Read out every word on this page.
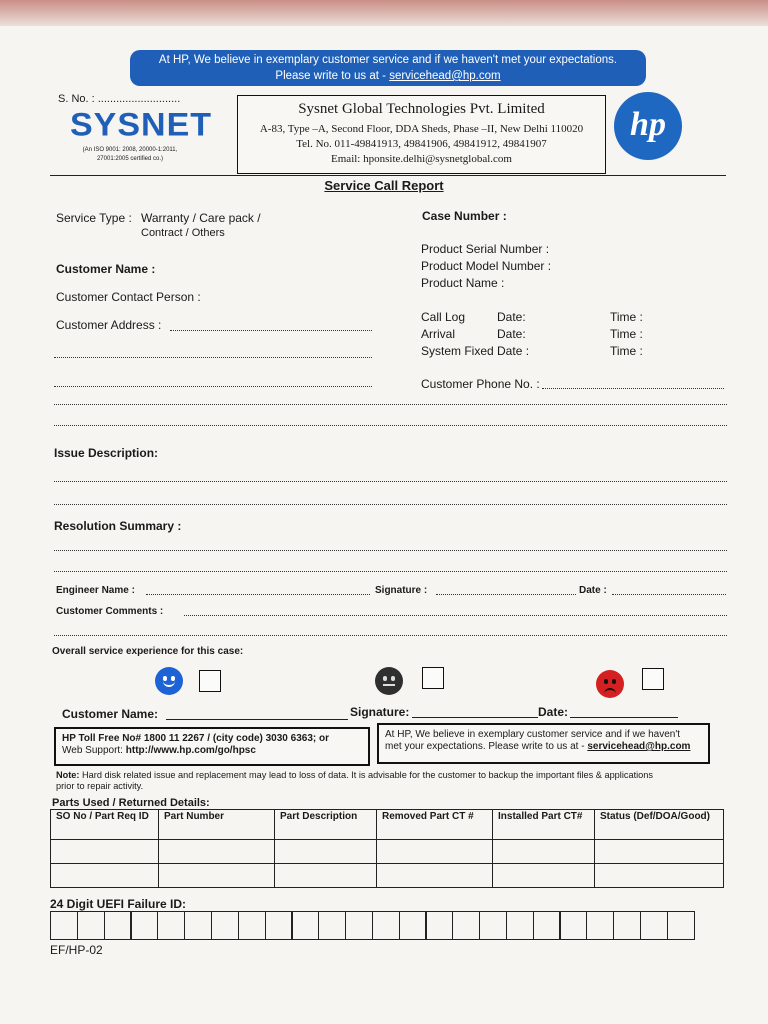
At HP, We believe in exemplary customer service and if we haven't met your expectations.
Please write to us at - servicehead@hp.com
S. No. : ...........................
SYSNET
(An ISO 9001: 2008, 20000-1:2011,
27001:2005 certified co.)
Sysnet Global Technologies Pvt. Limited
A-83, Type –A, Second Floor, DDA Sheds, Phase –II, New Delhi 110020
Tel. No. 011-49841913, 49841906, 49841912, 49841907
Email: hponsite.delhi@sysnetglobal.com
hp
Service Call Report
Service Type : Warranty / Care pack /
Contract / Others
Customer Name :
Customer Contact Person :
Customer Address :
Case Number :
Product Serial Number :
Product Model Number :
Product Name :
Call Log	Date:	Time :
Arrival	Date:	Time :
System Fixed Date :	Time :
Customer Phone No. :
Issue Description:
Resolution Summary :
Engineer Name :	Signature :	Date :
Customer Comments :
Overall service experience for this case:
Customer Name:	Signature:	Date:
HP Toll Free No# 1800 11 2267 / (city code) 3030 6363; or
Web Support: http://www.hp.com/go/hpsc
At HP, We believe in exemplary customer service and if we haven't
met your expectations. Please write to us at - servicehead@hp.com
Note: Hard disk related issue and replacement may lead to loss of data. It is advisable for the customer to backup the important files & applications
prior to repair activity.
Parts Used / Returned Details:
SO No / Part Req ID	Part Number	Part Description	Removed Part CT #	Installed Part CT#	Status (Def/DOA/Good)

24 Digit UEFI Failure ID:
EF/HP-02
